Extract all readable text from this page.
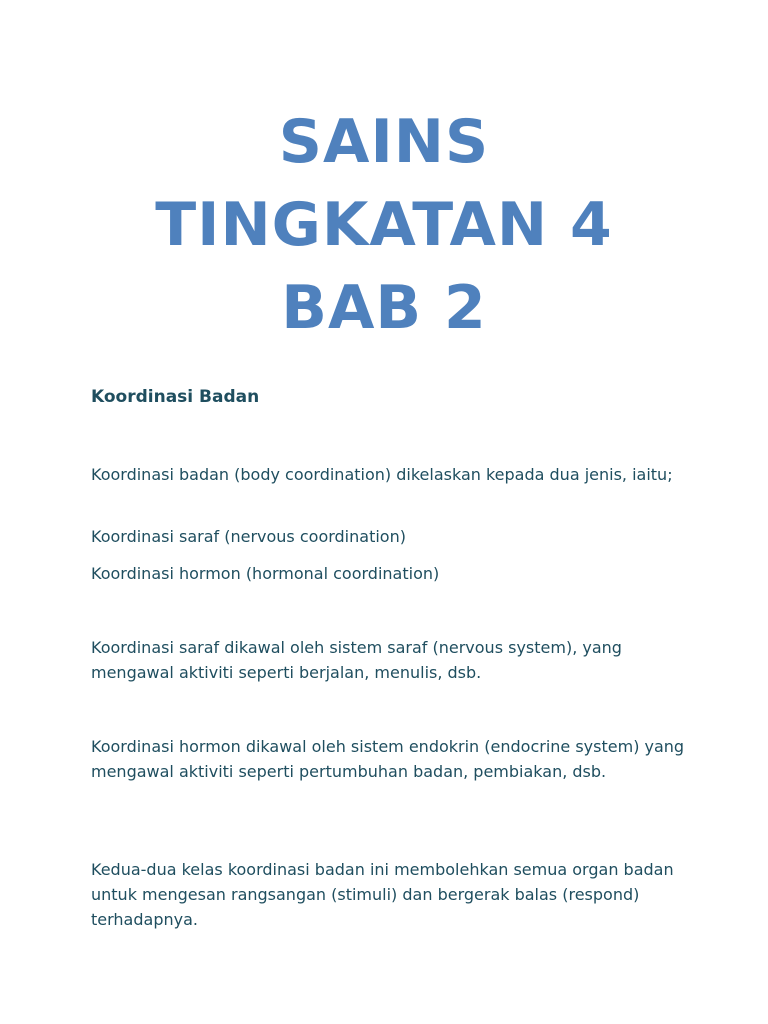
SAINS
TINGKATAN 4
BAB 2
Koordinasi Badan

Koordinasi badan (body coordination) dikelaskan kepada dua jenis, iaitu;

Koordinasi saraf (nervous coordination)

Koordinasi hormon (hormonal coordination)

Koordinasi saraf dikawal oleh sistem saraf (nervous system), yang mengawal aktiviti seperti berjalan, menulis, dsb.

Koordinasi hormon dikawal oleh sistem endokrin (endocrine system) yang mengawal aktiviti seperti pertumbuhan badan, pembiakan, dsb.

Kedua-dua kelas koordinasi badan ini membolehkan semua organ badan untuk mengesan rangsangan (stimuli) dan bergerak balas (respond) terhadapnya.
